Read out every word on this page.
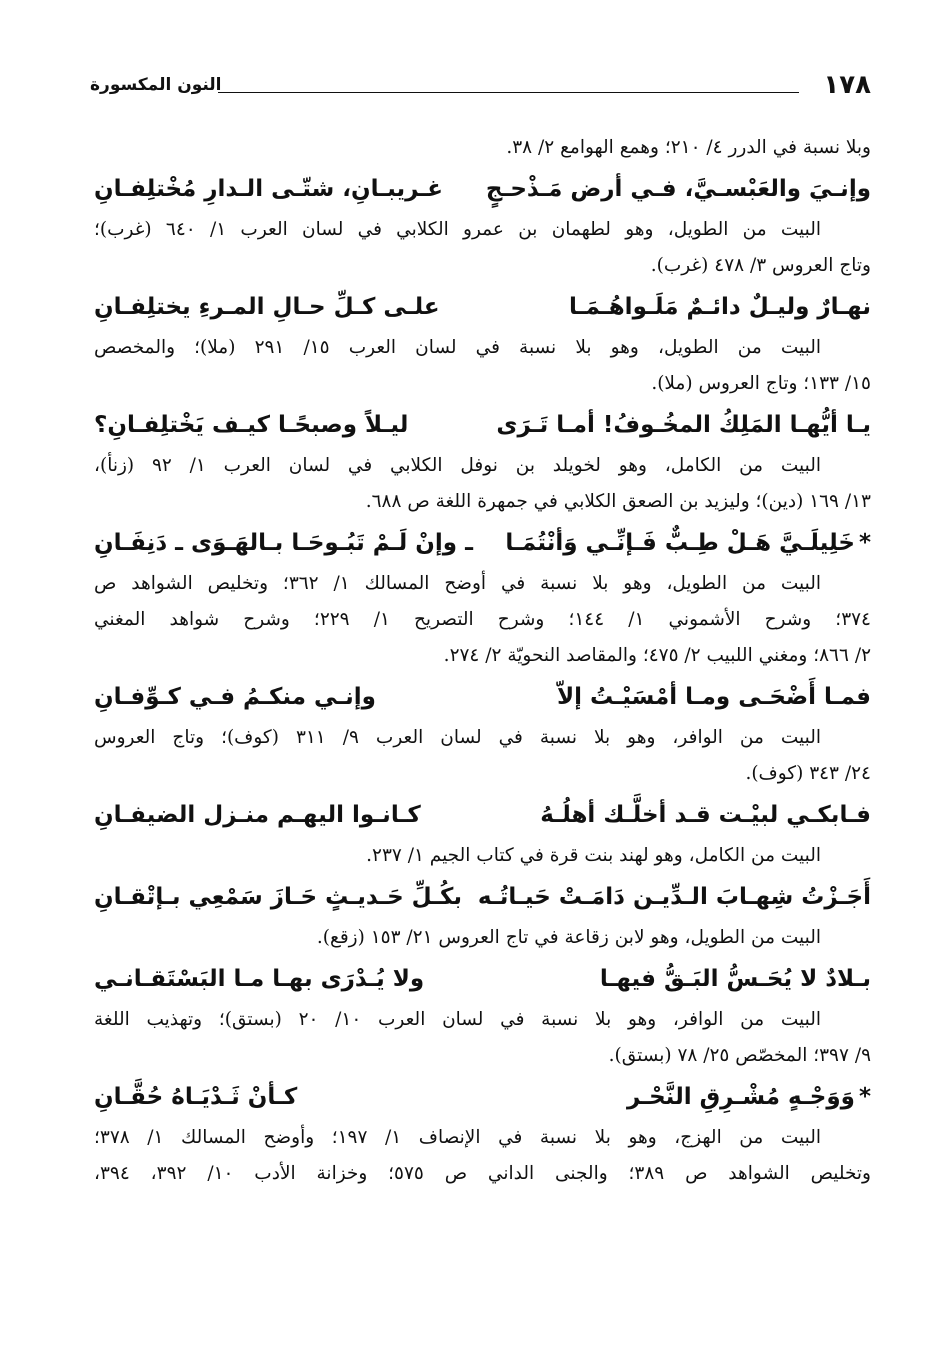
١٧٨
النون المكسورة
وبلا نسبة في الدرر ٤/ ٢١٠؛ وهمع الهوامع ٢/ ٣٨.
وإنـيَ والعَبْسـيَّ، فـي أرض مَـذْحـجٍ
غـريبـانِ، شتّـى الـدارِ مُخْتلِفـانِ
البيت من الطويل، وهو لطهمان بن عمرو الكلابي في لسان العرب ١/ ٦٤٠ (غرب)؛
وتاج العروس ٣/ ٤٧٨ (غرب).
نهـارٌ وليـلٌ دائـمٌ مَلَـواهُـمَـا
علـى كـلِّ حـالِ المـرءِ يختلِفـانِ
البيت من الطويل، وهو بلا نسبة في لسان العرب ١٥/ ٢٩١ (ملا)؛ والمخصص
١٥/ ١٣٣؛ وتاج العروس (ملا).
يـا أيُّهـا المَلِكُ المخُـوفُ! أمـا تَـرَى
ليـلاً وصبحًـا كيـف يَخْتلِفـانِ؟
البيت من الكامل، وهو لخويلد بن نوفل الكلابي في لسان العرب ١/ ٩٢ (زنأ)،
١٣/ ١٦٩ (دين)؛ وليزيد بن الصعق الكلابي في جمهرة اللغة ص ٦٨٨.
*خَلِيلَـيَّ هَـلْ طِـبٌّ فَـإنِّـي وَأنْتُمَـا
ـ وإنْ لَـمْ تَبُـوحَـا بـالهَـوَى ـ دَنِفَـانِ
البيت من الطويل، وهو بلا نسبة في أوضح المسالك ١/ ٣٦٢؛ وتخليص الشواهد ص
٣٧٤؛ وشرح الأشموني ١/ ١٤٤؛ وشرح التصريح ١/ ٢٢٩؛ وشرح شواهد المغني
٢/ ٨٦٦؛ ومغني اللبيب ٢/ ٤٧٥؛ والمقاصد النحويّة ٢/ ٢٧٤.
فمـا أَضْحَـى ومـا أمْسَيْـتُ إلاّ
وإنـي منكـمُ فـي كـوِّفـانِ
البيت من الوافر، وهو بلا نسبة في لسان العرب ٩/ ٣١١ (كوف)؛ وتاج العروس
٢٤/ ٣٤٣ (كوف).
فـابكـي لبيْـت قـد أخلَّـك أهلُـهُ
كـانـوا اليهـم منـزل الضيفـانِ
البيت من الكامل، وهو لهند بنت قرة في كتاب الجيم ١/ ٢٣٧.
أَجَـزْتُ شِهـابَ الـدِّيـن دَامَـتْ حَيـاتُـه
بكُـلِّ حَـديـثٍ حَـازَ سَمْعِي بـإتْقـانِ
البيت من الطويل، وهو لابن زقاعة في تاج العروس ٢١/ ١٥٣ (زقع).
بـلادٌ لا يُحَـسُّ البَـقُّ فيهـا
ولا يُـدْرَى بهـا مـا البَسْتَقـانـي
البيت من الوافر، وهو بلا نسبة في لسان العرب ١٠/ ٢٠ (بستق)؛ وتهذيب اللغة
٩/ ٣٩٧؛ المخصّص ٢٥/ ٧٨ (بستق).
*وَوَجْـهٍ مُشْـرِقِ النَّحْـر
كـأنْ ثَـدْيَـاهُ حُقَّـانِ
البيت من الهزج، وهو بلا نسبة في الإنصاف ١/ ١٩٧؛ وأوضح المسالك ١/ ٣٧٨؛
وتخليص الشواهد ص ٣٨٩؛ والجنى الداني ص ٥٧٥؛ وخزانة الأدب ١٠/ ٣٩٢، ٣٩٤،
